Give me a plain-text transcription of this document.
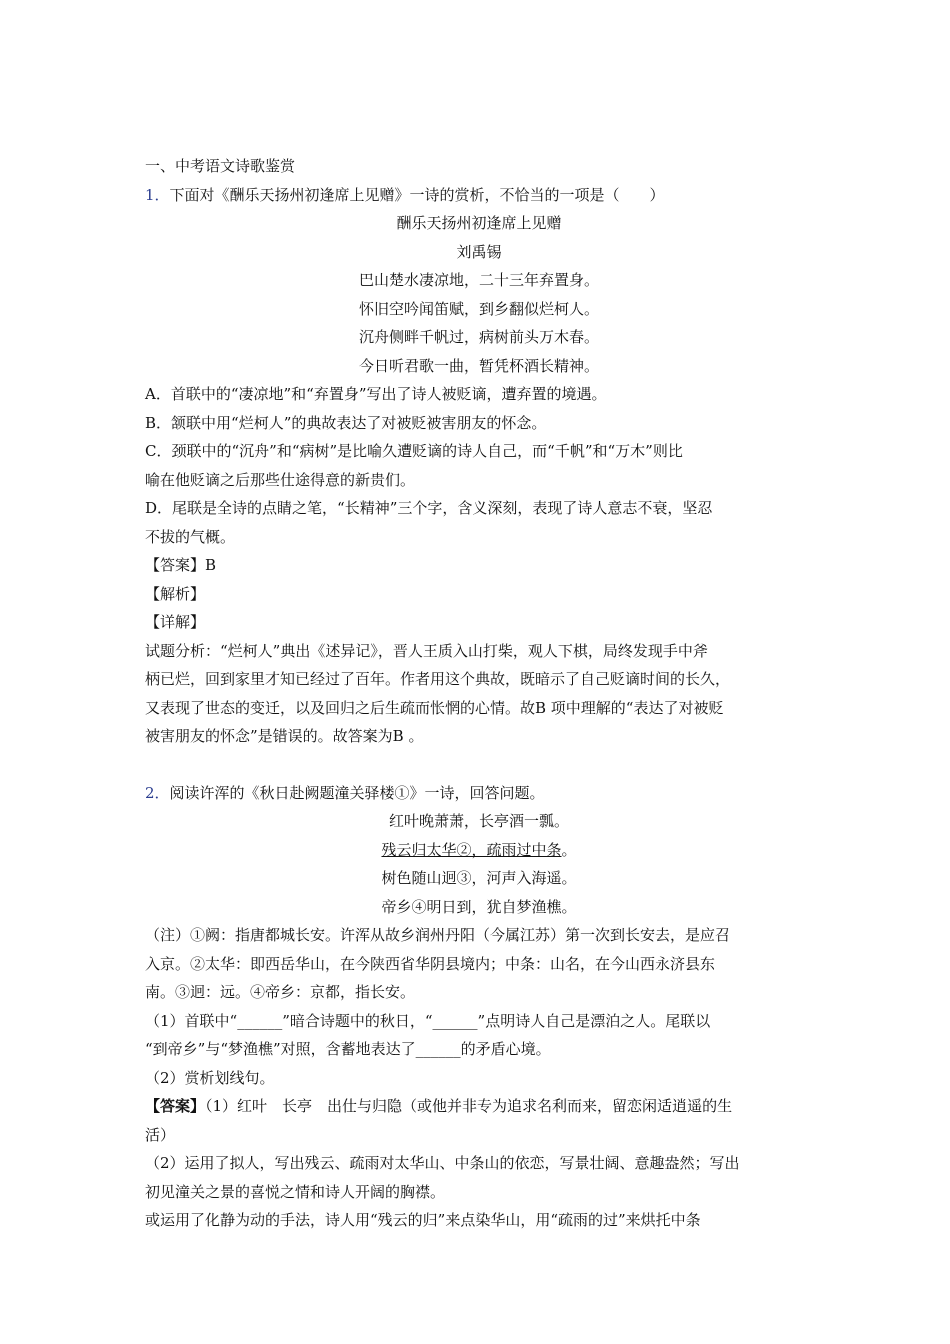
一、中考语文诗歌鉴赏
1．下面对《酬乐天扬州初逢席上见赠》一诗的赏析，不恰当的一项是（　　）
酬乐天扬州初逢席上见赠
刘禹锡
巴山楚水凄凉地，二十三年弃置身。
怀旧空吟闻笛赋，到乡翻似烂柯人。
沉舟侧畔千帆过，病树前头万木春。
今日听君歌一曲，暂凭杯酒长精神。
A．首联中的“凄凉地”和“弃置身”写出了诗人被贬谪，遭弃置的境遇。
B．颔联中用“烂柯人”的典故表达了对被贬被害朋友的怀念。
C．颈联中的“沉舟”和“病树”是比喻久遭贬谪的诗人自己，而“千帆”和“万木”则比
喻在他贬谪之后那些仕途得意的新贵们。
D．尾联是全诗的点睛之笔，“长精神”三个字，含义深刻，表现了诗人意志不衰，坚忍
不拔的气概。
【答案】B
【解析】
【详解】
试题分析：“烂柯人”典出《述异记》，晋人王质入山打柴，观人下棋，局终发现手中斧
柄已烂，回到家里才知已经过了百年。作者用这个典故，既暗示了自己贬谪时间的长久，
又表现了世态的变迁，以及回归之后生疏而怅惘的心情。故B 项中理解的“表达了对被贬
被害朋友的怀念”是错误的。故答案为B 。
2．阅读许浑的《秋日赴阙题潼关驿楼①》一诗，回答问题。
红叶晚萧萧，长亭酒一瓢。
残云归太华②，疏雨过中条。
树色随山迥③，河声入海遥。
帝乡④明日到，犹自梦渔樵。
（注）①阙：指唐都城长安。许浑从故乡润州丹阳（今属江苏）第一次到长安去，是应召
入京。②太华：即西岳华山，在今陕西省华阴县境内；中条：山名，在今山西永济县东
南。③迥：远。④帝乡：京都，指长安。
（1）首联中“______”暗合诗题中的秋日，“______”点明诗人自己是漂泊之人。尾联以
“到帝乡”与“梦渔樵”对照，含蓄地表达了______的矛盾心境。
（2）赏析划线句。
【答案】（1）红叶　长亭　出仕与归隐（或他并非专为追求名利而来，留恋闲适逍遥的生
活）
（2）运用了拟人，写出残云、疏雨对太华山、中条山的依恋，写景壮阔、意趣盎然；写出
初见潼关之景的喜悦之情和诗人开阔的胸襟。
或运用了化静为动的手法，诗人用“残云的归”来点染华山，用“疏雨的过”来烘托中条
